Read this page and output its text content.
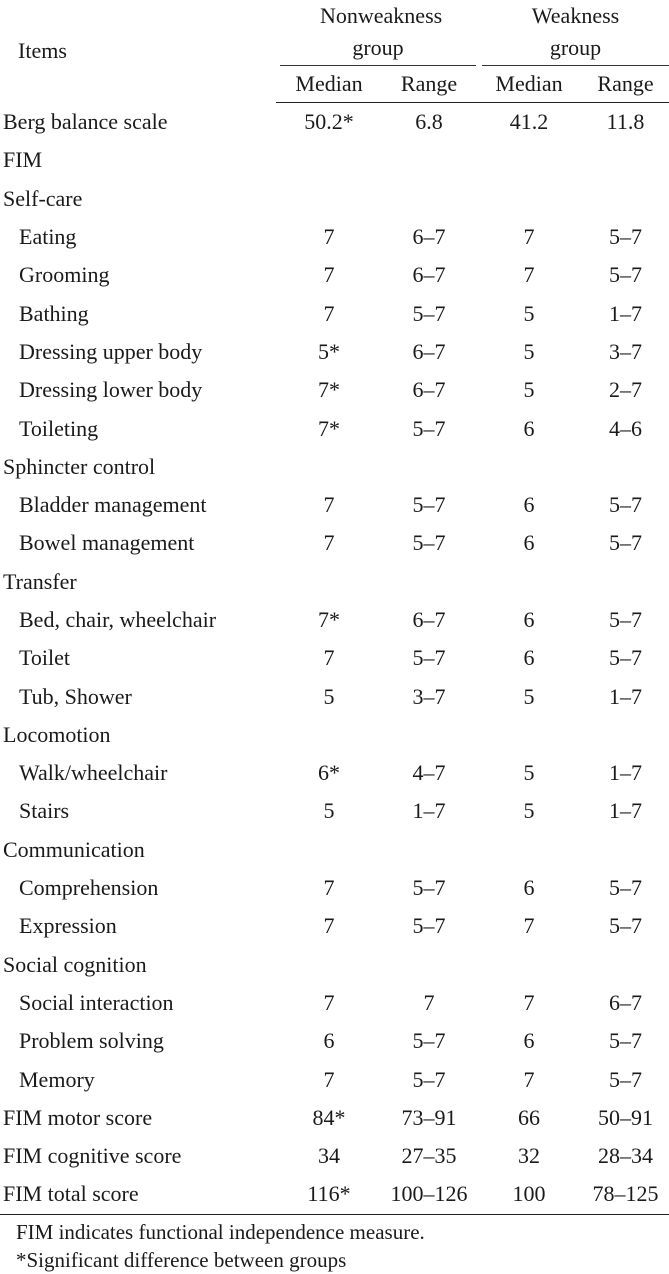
Items	Nonweakness group		Weakness group	

	Median	Range	Median	Range
Berg balance scale	50.2*	6.8	41.2	11.8
FIM				
Self-care				
Eating	7	6–7	7	5–7
Grooming	7	6–7	7	5–7
Bathing	7	5–7	5	1–7
Dressing upper body	5*	6–7	5	3–7
Dressing lower body	7*	6–7	5	2–7
Toileting	7*	5–7	6	4–6
Sphincter control				
Bladder management	7	5–7	6	5–7
Bowel management	7	5–7	6	5–7
Transfer				
Bed, chair, wheelchair	7*	6–7	6	5–7
Toilet	7	5–7	6	5–7
Tub, Shower	5	3–7	5	1–7
Locomotion				
Walk/wheelchair	6*	4–7	5	1–7
Stairs	5	1–7	5	1–7
Communication				
Comprehension	7	5–7	6	5–7
Expression	7	5–7	7	5–7
Social cognition				
Social interaction	7	7	7	6–7
Problem solving	6	5–7	6	5–7
Memory	7	5–7	7	5–7
FIM motor score	84*	73–91	66	50–91
FIM cognitive score	34	27–35	32	28–34
FIM total score	116*	100–126	100	78–125
FIM indicates functional independence measure.
*Significant difference between groups
